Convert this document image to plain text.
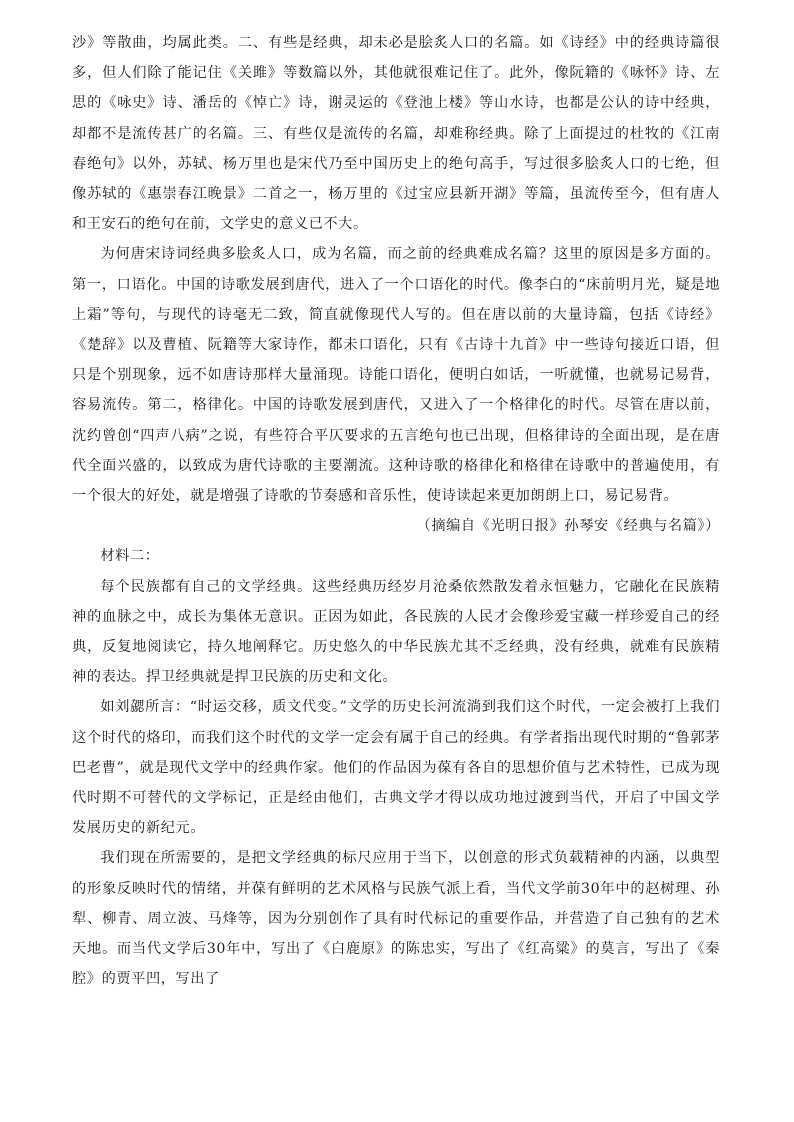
沙》等散曲，均属此类。二、有些是经典，却未必是脍炙人口的名篇。如《诗经》中的经典诗篇很多，但人们除了能记住《关雎》等数篇以外，其他就很难记住了。此外，像阮籍的《咏怀》诗、左思的《咏史》诗、潘岳的《悼亡》诗，谢灵运的《登池上楼》等山水诗，也都是公认的诗中经典，却都不是流传甚广的名篇。三、有些仅是流传的名篇，却难称经典。除了上面提过的杜牧的《江南春绝句》以外，苏轼、杨万里也是宋代乃至中国历史上的绝句高手，写过很多脍炙人口的七绝，但像苏轼的《惠崇春江晚景》二首之一，杨万里的《过宝应县新开湖》等篇，虽流传至今，但有唐人和王安石的绝句在前，文学史的意义已不大。

为何唐宋诗词经典多脍炙人口，成为名篇，而之前的经典难成名篇？这里的原因是多方面的。第一，口语化。中国的诗歌发展到唐代，进入了一个口语化的时代。像李白的“床前明月光，疑是地上霜”等句，与现代的诗毫无二致，简直就像现代人写的。但在唐以前的大量诗篇，包括《诗经》《楚辞》以及曹植、阮籍等大家诗作，都未口语化，只有《古诗十九首》中一些诗句接近口语，但只是个别现象，远不如唐诗那样大量涌现。诗能口语化，便明白如话，一听就懂，也就易记易背，容易流传。第二，格律化。中国的诗歌发展到唐代，又进入了一个格律化的时代。尽管在唐以前，沈约曾创“四声八病”之说，有些符合平仄要求的五言绝句也已出现，但格律诗的全面出现，是在唐代全面兴盛的，以致成为唐代诗歌的主要潮流。这种诗歌的格律化和格律在诗歌中的普遍使用，有一个很大的好处，就是增强了诗歌的节奏感和音乐性，使诗读起来更加朗朗上口，易记易背。

（摘编自《光明日报》孙琴安《经典与名篇》）

材料二：

每个民族都有自己的文学经典。这些经典历经岁月沧桑依然散发着永恒魅力，它融化在民族精神的血脉之中，成长为集体无意识。正因为如此，各民族的人民才会像珍爱宝藏一样珍爱自己的经典，反复地阅读它，持久地阐释它。历史悠久的中华民族尤其不乏经典，没有经典，就难有民族精神的表达。捍卫经典就是捍卫民族的历史和文化。

如刘勰所言：“时运交移，质文代变。”文学的历史长河流淌到我们这个时代，一定会被打上我们这个时代的烙印，而我们这个时代的文学一定会有属于自己的经典。有学者指出现代时期的“鲁郭茅巴老曹”，就是现代文学中的经典作家。他们的作品因为葆有各自的思想价值与艺术特性，已成为现代时期不可替代的文学标记，正是经由他们，古典文学才得以成功地过渡到当代，开启了中国文学发展历史的新纪元。

我们现在所需要的，是把文学经典的标尺应用于当下，以创意的形式负载精神的内涵，以典型的形象反映时代的情绪，并葆有鲜明的艺术风格与民族气派上看，当代文学前30年中的赵树理、孙犁、柳青、周立波、马烽等，因为分别创作了具有时代标记的重要作品，并营造了自己独有的艺术天地。而当代文学后30年中，写出了《白鹿原》的陈忠实，写出了《红高粱》的莫言，写出了《秦腔》的贾平凹，写出了
